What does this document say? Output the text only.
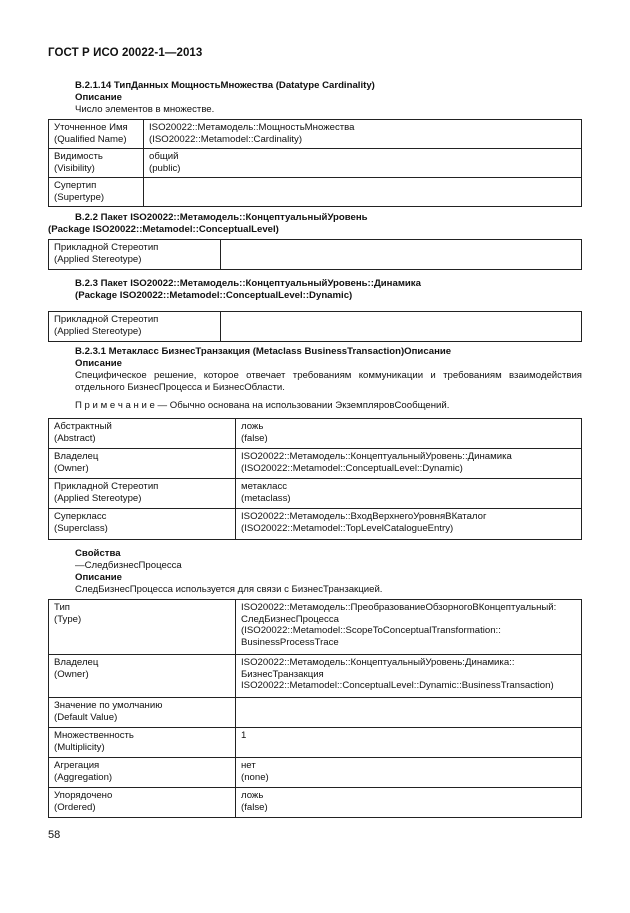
ГОСТ Р ИСО 20022-1—2013
B.2.1.14 ТипДанных МощностьМножества (Datatype Cardinality)
Описание
Число элементов в множестве.
Уточненное Имя
(Qualified Name)	ISO20022::Метамодель::МощностьМножества
(ISO20022::Metamodel::Cardinality)

Видимость
(Visibility)	общий
(public)

Супертип
(Supertype)	

B.2.2 Пакет ISO20022::Метамодель::КонцептуальныйУровень
(Package ISO20022::Metamodel::ConceptualLevel)
Прикладной Стереотип
(Applied Stereotype)

B.2.3 Пакет ISO20022::Метамодель::КонцептуальныйУровень::Динамика
(Package ISO20022::Metamodel::ConceptualLevel::Dynamic)
Прикладной Стереотип
(Applied Stereotype)

B.2.3.1 Метакласс БизнесТранзакция (Metaclass BusinessTransaction)Описание
Описание
Специфическое решение, которое отвечает требованиям коммуникации и требованиям взаимодействия отдельного БизнесПроцесса и БизнесОбласти.
П р и м е ч а н и е — Обычно основана на использовании ЭкземпляровСообщений.
Абстрактный
(Abstract)	ложь
(false)

Владелец
(Owner)	ISO20022::Метамодель::КонцептуальныйУровень::Динамика
(ISO20022::Metamodel::ConceptualLevel::Dynamic)

Прикладной Стереотип
(Applied Stereotype)	метакласс
(metaclass)

Суперкласс
(Superclass)	ISO20022::Метамодель::ВходВерхнегоУровняВКаталог
(ISO20022::Metamodel::TopLevelCatalogueEntry)
Свойства
—СледбизнесПроцесса
Описание
СледБизнесПроцесса используется для связи с БизнесТранзакцией.
Тип
(Type)	ISO20022::Метамодель::ПреобразованиеОбзорногоВКонцептуальный:
СледБизнесПроцесса
(ISO20022::Metamodel::ScopeToConceptualTransformation::
BusinessProcessTrace

Владелец
(Owner)	ISO20022::Метамодель::КонцептуальныйУровень:Динамика::
БизнесТранзакция
ISO20022::Metamodel::ConceptualLevel::Dynamic::BusinessTransaction)

Значение по умолчанию
(Default Value)	

Множественность
(Multiplicity)	1

Агрегация
(Aggregation)	нет
(none)

Упорядочено
(Ordered)	ложь
(false)
58
